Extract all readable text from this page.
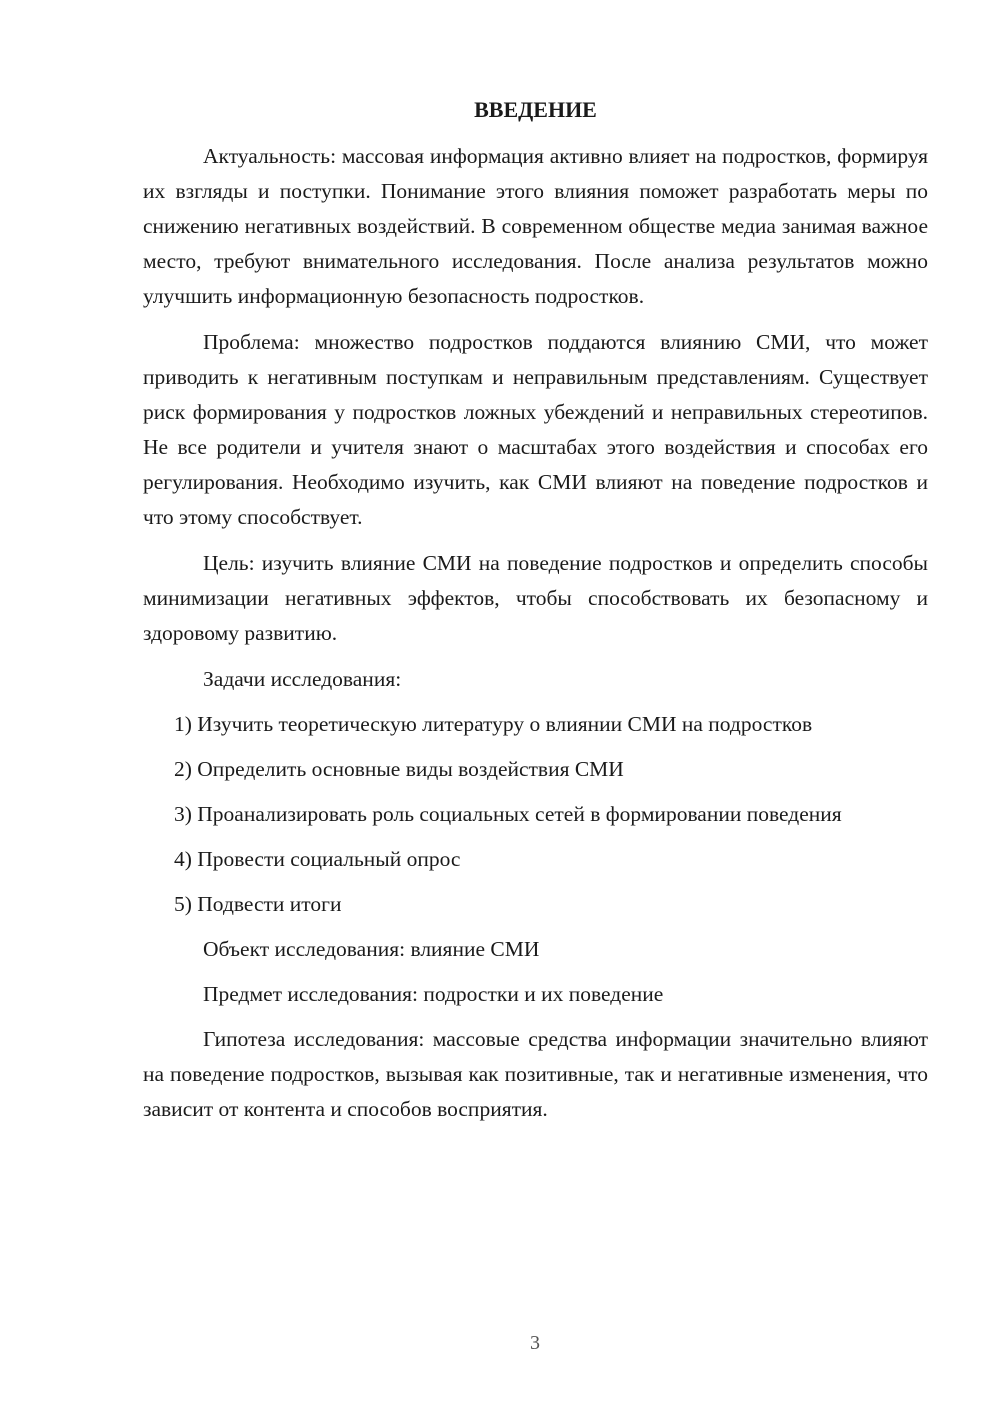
ВВЕДЕНИЕ

Актуальность: массовая информация активно влияет на подростков, формируя их взгляды и поступки. Понимание этого влияния поможет разработать меры по снижению негативных воздействий. В современном обществе медиа занимая важное место, требуют внимательного исследования. После анализа результатов можно улучшить информационную безопасность подростков.

Проблема: множество подростков поддаются влиянию СМИ, что может приводить к негативным поступкам и неправильным представлениям. Существует риск формирования у подростков ложных убеждений и неправильных стереотипов. Не все родители и учителя знают о масштабах этого воздействия и способах его регулирования. Необходимо изучить, как СМИ влияют на поведение подростков и что этому способствует.

Цель: изучить влияние СМИ на поведение подростков и определить способы минимизации негативных эффектов, чтобы способствовать их безопасному и здоровому развитию.

Задачи исследования:

1) Изучить теоретическую литературу о влиянии СМИ на подростков

2) Определить основные виды воздействия СМИ

3) Проанализировать роль социальных сетей в формировании поведения

4) Провести социальный опрос

5) Подвести итоги

Объект исследования: влияние СМИ

Предмет исследования: подростки и их поведение

Гипотеза исследования: массовые средства информации значительно влияют на поведение подростков, вызывая как позитивные, так и негативные изменения, что зависит от контента и способов восприятия.

3
